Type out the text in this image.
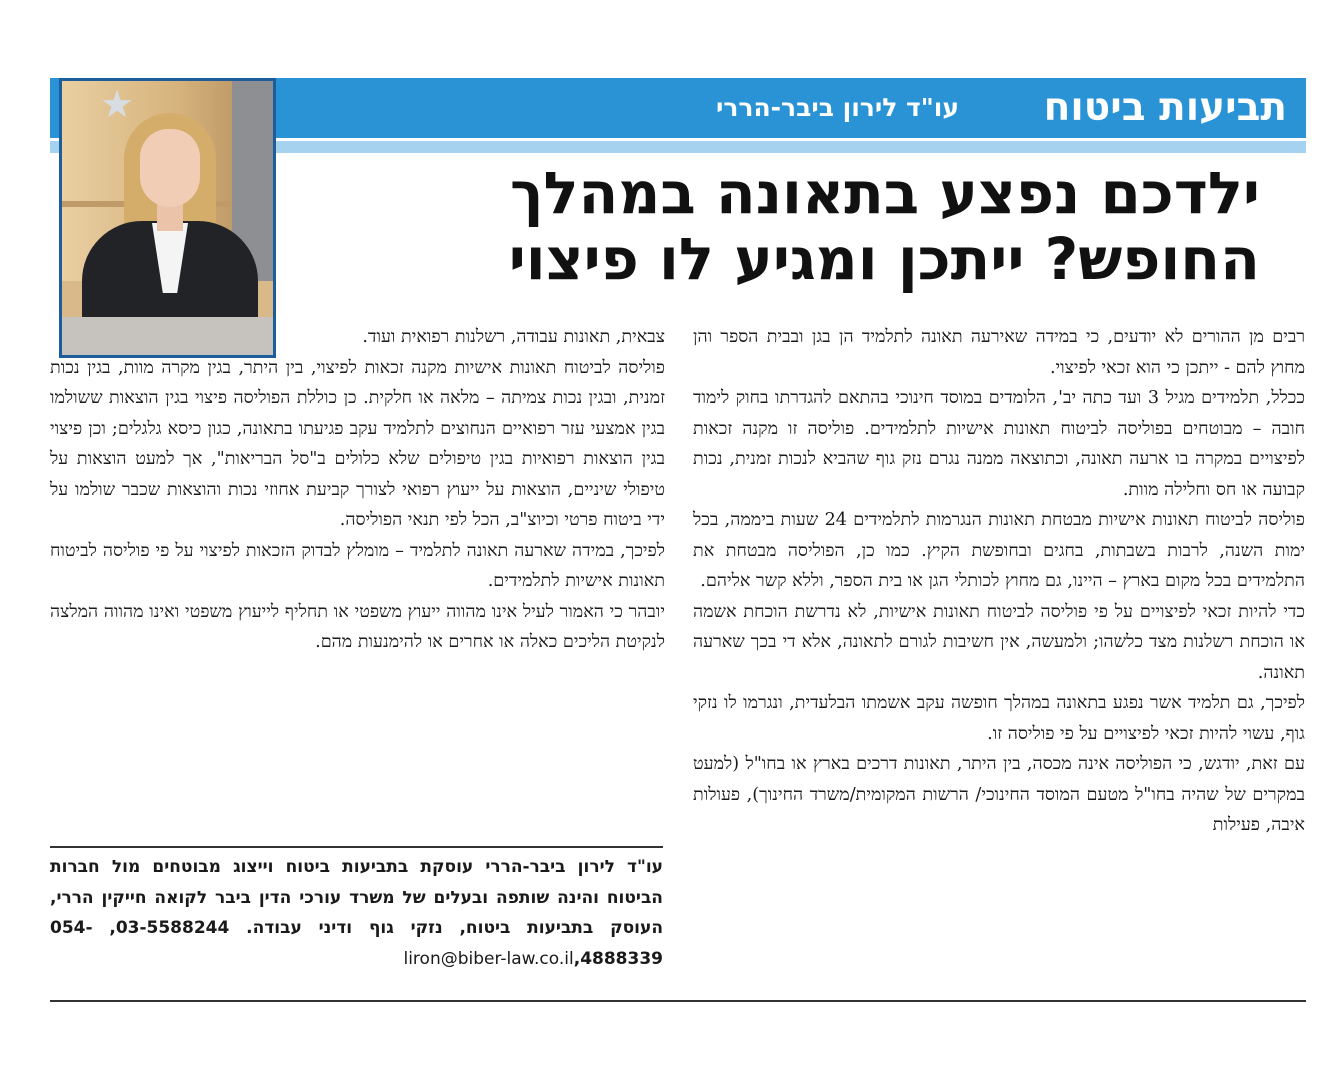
תביעות ביטוח
עו"ד לירון ביבר-הררי
★
ילדכם נפצע בתאונה במהלך
החופש? ייתכן ומגיע לו פיצוי

רבים מן ההורים לא יודעים, כי במידה שאירעה תאונה לתלמיד הן בגן ובבית הספר והן מחוץ להם - ייתכן כי הוא זכאי לפיצוי.

ככלל, תלמידים מגיל 3 ועד כתה יב', הלומדים במוסד חינוכי בהתאם להגדרתו בחוק לימוד חובה – מבוטחים בפוליסה לביטוח תאונות אישיות לתלמידים. פוליסה זו מקנה זכאות לפיצויים במקרה בו ארעה תאונה, וכתוצאה ממנה נגרם נזק גוף שהביא לנכות זמנית, נכות קבועה או חס וחלילה מוות.

פוליסה לביטוח תאונות אישיות מבטחת תאונות הנגרמות לתלמידים 24 שעות ביממה, בכל ימות השנה, לרבות בשבתות, בחגים ובחופשת הקיץ. כמו כן, הפוליסה מבטחת את התלמידים בכל מקום בארץ – היינו, גם מחוץ לכותלי הגן או בית הספר, וללא קשר אליהם.

כדי להיות זכאי לפיצויים על פי פוליסה לביטוח תאונות אישיות, לא נדרשת הוכחת אשמה או הוכחת רשלנות מצד כלשהו; ולמעשה, אין חשיבות לגורם לתאונה, אלא די בכך שארעה תאונה.

לפיכך, גם תלמיד אשר נפגע בתאונה במהלך חופשה עקב אשמתו הבלעדית, ונגרמו לו נזקי גוף, עשוי להיות זכאי לפיצויים על פי פוליסה זו.

עם זאת, יודגש, כי הפוליסה אינה מכסה, בין היתר, תאונות דרכים בארץ או בחו"ל (למעט במקרים של שהיה בחו"ל מטעם המוסד החינוכי/ הרשות המקומית/משרד החינוך), פעולות איבה, פעילות

צבאית, תאונות עבודה, רשלנות רפואית ועוד.

פוליסה לביטוח תאונות אישיות מקנה זכאות לפיצוי, בין היתר, בגין מקרה מוות, בגין נכות זמנית, ובגין נכות צמיתה – מלאה או חלקית. כן כוללת הפוליסה פיצוי בגין הוצאות ששולמו בגין אמצעי עזר רפואיים הנחוצים לתלמיד עקב פגיעתו בתאונה, כגון כיסא גלגלים; וכן פיצוי בגין הוצאות רפואיות בגין טיפולים שלא כלולים ב"סל הבריאות", אך למעט הוצאות על טיפולי שיניים, הוצאות על ייעוץ רפואי לצורך קביעת אחוזי נכות והוצאות שכבר שולמו על ידי ביטוח פרטי וכיוצ"ב, הכל לפי תנאי הפוליסה.

לפיכך, במידה שארעה תאונה לתלמיד – מומלץ לבדוק הזכאות לפיצוי על פי פוליסה לביטוח תאונות אישיות לתלמידים.

יובהר כי האמור לעיל אינו מהווה ייעוץ משפטי או תחליף לייעוץ משפטי ואינו מהווה המלצה לנקיטת הליכים כאלה או אחרים או להימנעות מהם.

עו"ד לירון ביבר-הררי עוסקת בתביעות ביטוח וייצוג מבוטחים מול חברות הביטוח והינה שותפה ובעלים של משרד עורכי הדין ביבר לקואה חייקין הררי, העוסק בתביעות ביטוח, נזקי גוף ודיני עבודה. 03-5588244, 054-4888339,liron@biber-law.co.il
